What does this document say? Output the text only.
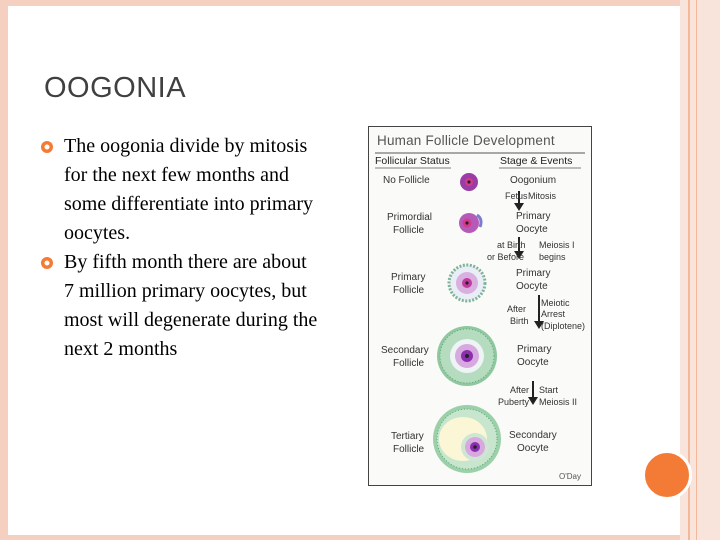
OOGONIA
The oogonia divide by mitosis for the next few months and some differentiate into primary oocytes.
By fifth month there are about 7 million primary oocytes, but most will degenerate during the next 2 months
Human Follicle Development
Follicular Status	Stage & Events
No Follicle
Primordial
Follicle
Primary
Follicle
Secondary
Follicle
Tertiary
Follicle
Oogonium
Primary
Oocyte
Primary
Oocyte
Primary
Oocyte
Secondary
Oocyte
Fetus Mitosis
at Birth Meiosis I
or Before begins
After
Meiotic
Arrest
Birth (Diplotene)
After Start
Puberty Meiosis II
O'Day
